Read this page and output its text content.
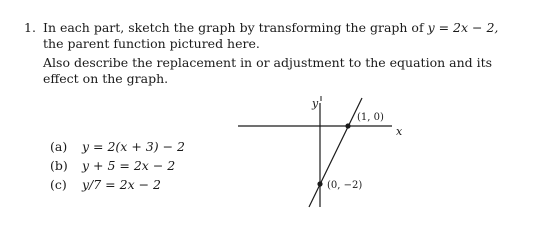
1. In each part, sketch the graph by transforming the graph of y = 2x − 2,
the parent function pictured here.
Also describe the replacement in or adjustment to the equation and its
effect on the graph.
(a) y = 2(x + 3) − 2
(b) y + 5 = 2x − 2
(c) y/7 = 2x − 2
y
x
(1, 0)
(0, −2)
